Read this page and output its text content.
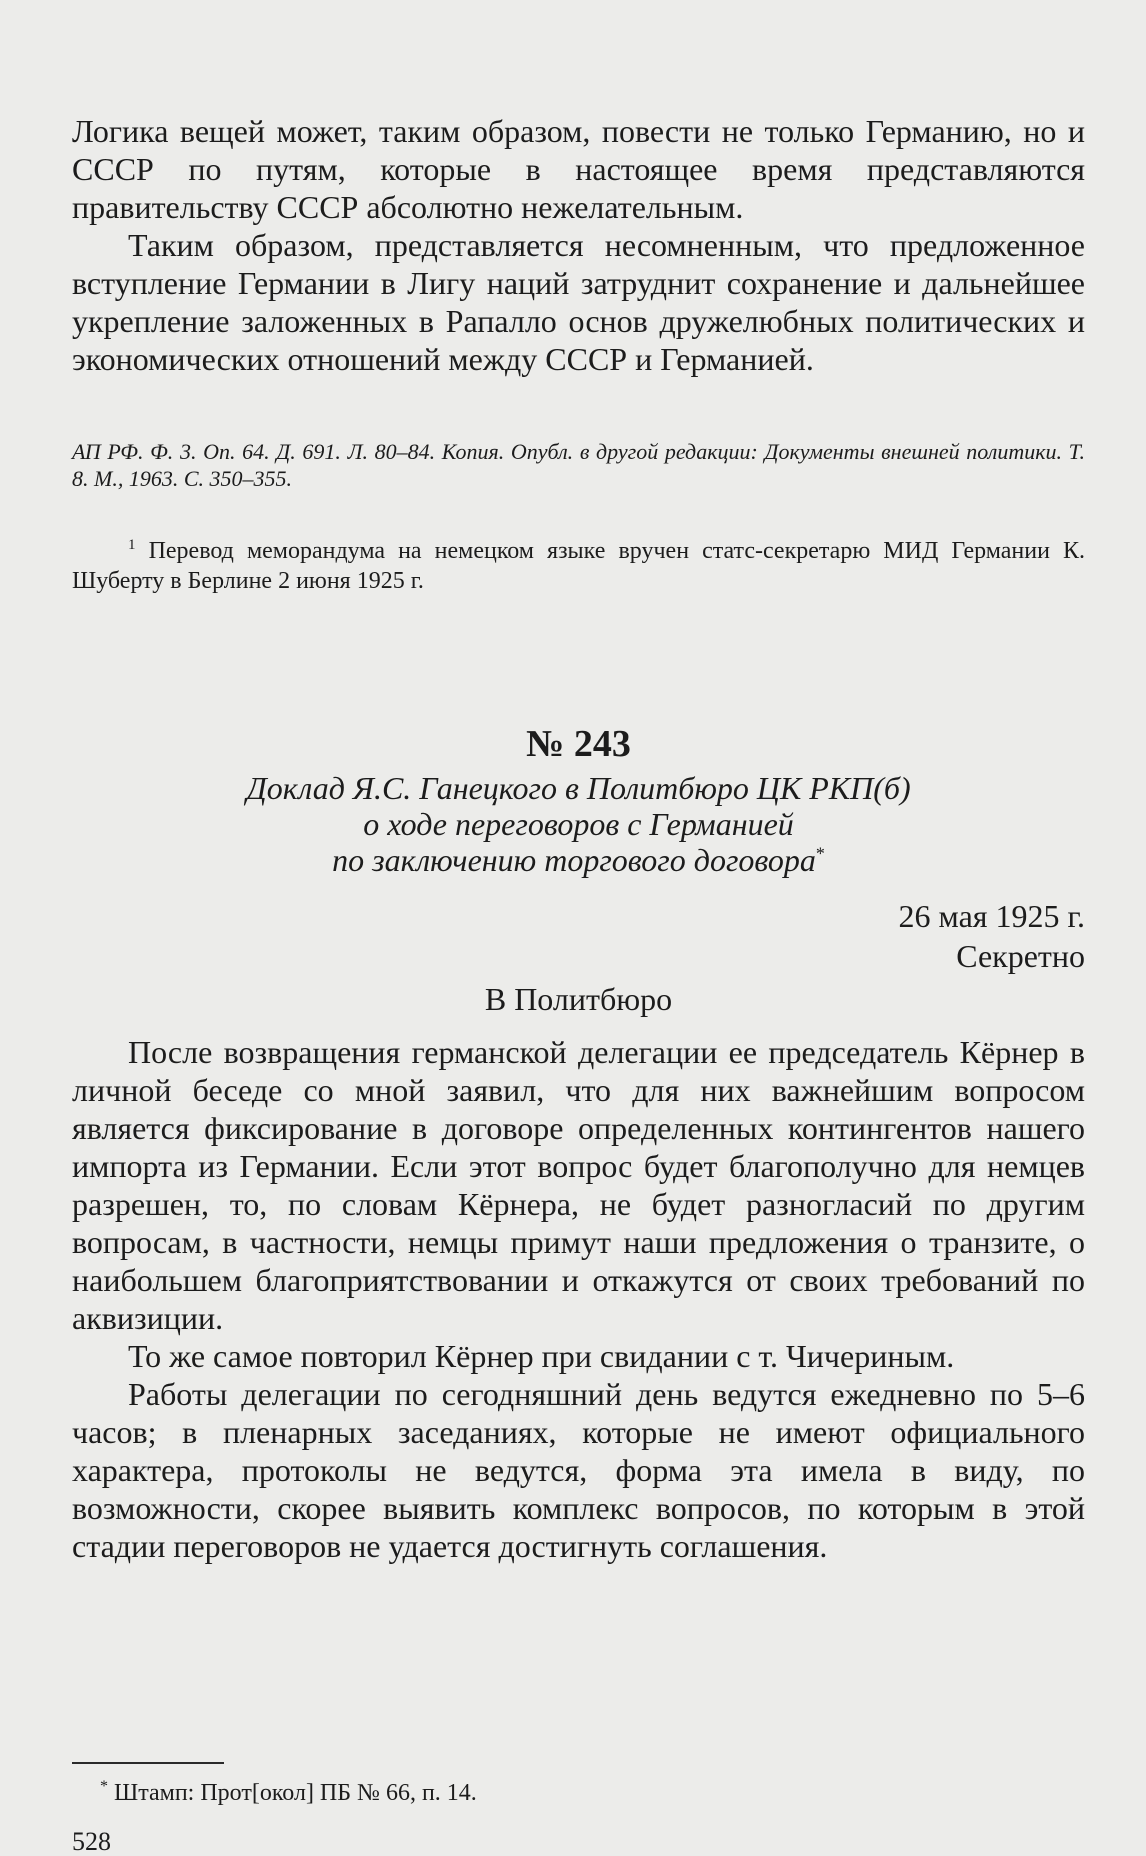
Логика вещей может, таким образом, повести не только Германию, но и СССР по путям, которые в настоящее время представляются правительству СССР абсолютно нежелательным.

Таким образом, представляется несомненным, что предложенное вступление Германии в Лигу наций затруднит сохранение и дальнейшее укрепление заложенных в Рапалло основ дружелюбных политических и экономических отношений между СССР и Германией.

АП РФ. Ф. 3. Оп. 64. Д. 691. Л. 80–84. Копия. Опубл. в другой редакции: Документы внешней политики. Т. 8. М., 1963. С. 350–355.
$^1$ Перевод меморандума на немецком языке вручен статс-секретарю МИД Германии К. Шуберту в Берлине 2 июня 1925 г.
№ 243
Доклад Я.С. Ганецкого в Политбюро ЦК РКП(б)
о ходе переговоров с Германией
по заключению торгового договора*
26 мая 1925 г.
Секретно
В Политбюро

После возвращения германской делегации ее председатель Кёрнер в личной беседе со мной заявил, что для них важнейшим вопросом является фиксирование в договоре определенных контингентов нашего импорта из Германии. Если этот вопрос будет благополучно для немцев разрешен, то, по словам Кёрнера, не будет разногласий по другим вопросам, в частности, немцы примут наши предложения о транзите, о наибольшем благоприятствовании и откажутся от своих требований по аквизиции.

То же самое повторил Кёрнер при свидании с т. Чичериным.

Работы делегации по сегодняшний день ведутся ежедневно по 5–6 часов; в пленарных заседаниях, которые не имеют официального характера, протоколы не ведутся, форма эта имела в виду, по возможности, скорее выявить комплекс вопросов, по которым в этой стадии переговоров не удается достигнуть соглашения.

* Штамп: Прот[окол] ПБ № 66, п. 14.
528
